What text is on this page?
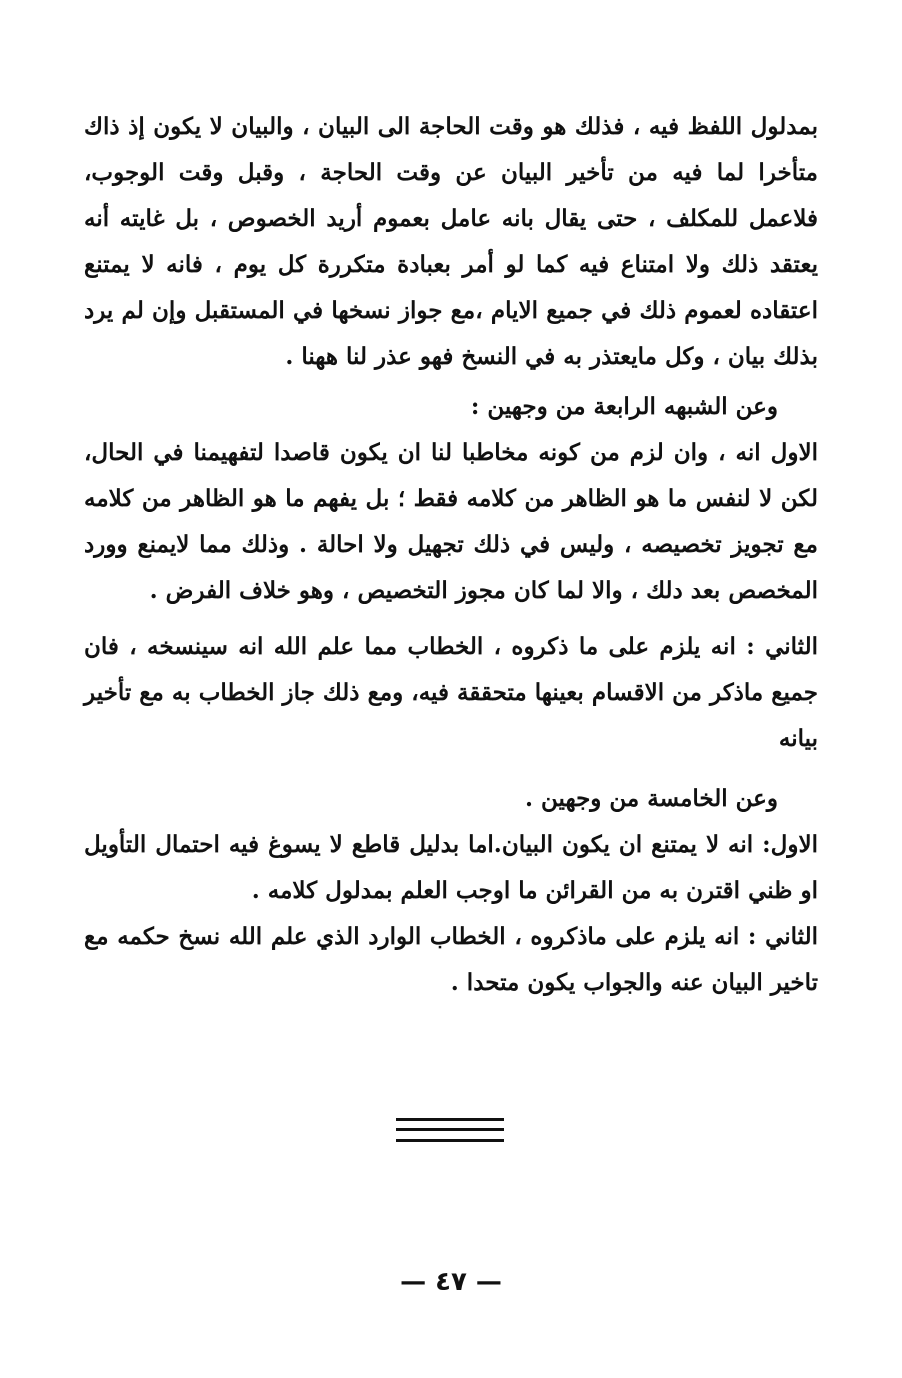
بمدلول اللفظ فيه ، فذلك هو وقت الحاجة الى البيان ، والبيان لا يكون إذ ذاك متأخرا لما فيه من تأخير البيان عن وقت الحاجة ، وقبل وقت الوجوب، فلاعمل للمكلف ، حتى يقال بانه عامل بعموم أريد الخصوص ، بل غايته أنه يعتقد ذلك ولا امتناع فيه كما لو أمر بعبادة متكررة كل يوم ، فانه لا يمتنع اعتقاده لعموم ذلك في جميع الايام ،مع جواز نسخها في المستقبل وإن لم يرد بذلك بيان ، وكل مايعتذر به في النسخ فهو عذر لنا ههنا .

وعن الشبهه الرابعة من وجهين :

الاول انه ، وان لزم من كونه مخاطبا لنا ان يكون قاصدا لتفهيمنا في الحال، لكن لا لنفس ما هو الظاهر من كلامه فقط ؛ بل يفهم ما هو الظاهر من كلامه مع تجويز تخصيصه ، وليس في ذلك تجهيل ولا احالة . وذلك مما لايمنع وورد المخصص بعد دلك ، والا لما كان مجوز التخصيص ، وهو خلاف الفرض .

الثاني : انه يلزم على ما ذكروه ، الخطاب مما علم الله انه سينسخه ، فان جميع ماذكر من الاقسام بعينها متحققة فيه، ومع ذلك جاز الخطاب به مع تأخير بيانه

وعن الخامسة من وجهين .

الاول: انه لا يمتنع ان يكون البيان.اما بدليل قاطع لا يسوغ فيه احتمال التأويل او ظني اقترن به من القرائن ما اوجب العلم بمدلول كلامه .

الثاني : انه يلزم على ماذكروه ، الخطاب الوارد الذي علم الله نسخ حكمه مع تاخير البيان عنه والجواب يكون متحدا .

— ٤٧ —
